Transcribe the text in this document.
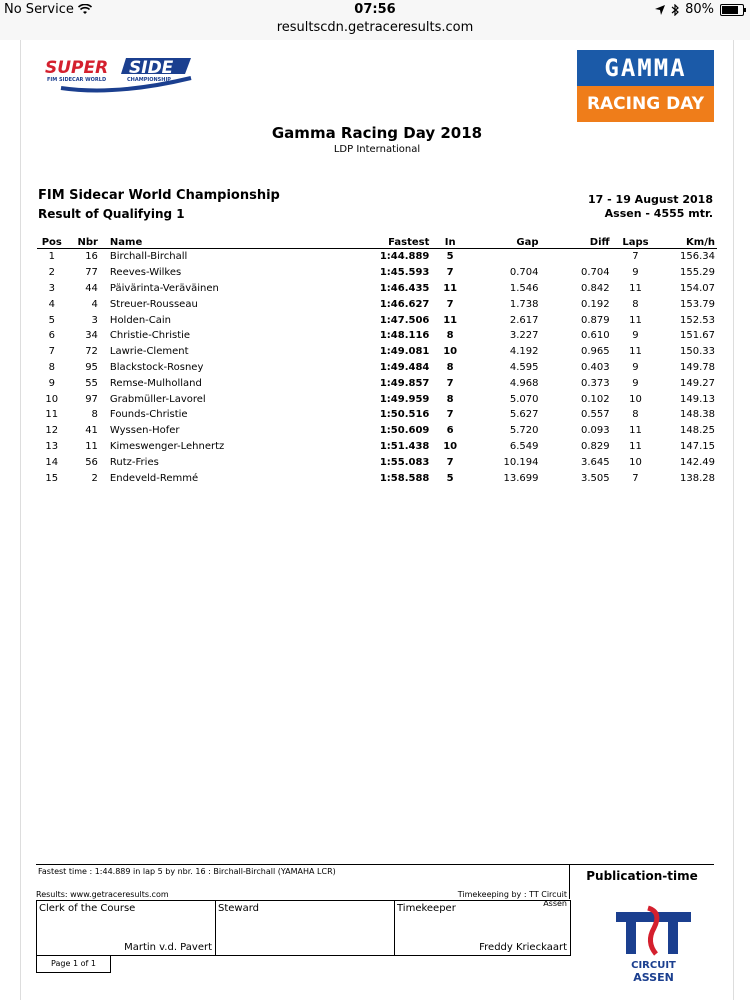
No Service	07:56	80%
resultscdn.getraceresults.com
SUPER SIDE
FIM SIDECAR WORLD	CHAMPIONSHIP	GAMMA
RACING DAY
Gamma Racing Day 2018
LDP International
FIM Sidecar World Championship
Result of Qualifying 1
17 - 19 August 2018
Assen - 4555 mtr.
Pos	Nbr	Name	Fastest	In	Gap	Diff	Laps	Km/h
1	16	Birchall-Birchall	1:44.889	5			7	156.34
2	77	Reeves-Wilkes	1:45.593	7	0.704	0.704	9	155.29
3	44	Päivärinta-Veräväinen	1:46.435	11	1.546	0.842	11	154.07
4	4	Streuer-Rousseau	1:46.627	7	1.738	0.192	8	153.79
5	3	Holden-Cain	1:47.506	11	2.617	0.879	11	152.53
6	34	Christie-Christie	1:48.116	8	3.227	0.610	9	151.67
7	72	Lawrie-Clement	1:49.081	10	4.192	0.965	11	150.33
8	95	Blackstock-Rosney	1:49.484	8	4.595	0.403	9	149.78
9	55	Remse-Mulholland	1:49.857	7	4.968	0.373	9	149.27
10	97	Grabmüller-Lavorel	1:49.959	8	5.070	0.102	10	149.13
11	8	Founds-Christie	1:50.516	7	5.627	0.557	8	148.38
12	41	Wyssen-Hofer	1:50.609	6	5.720	0.093	11	148.25
13	11	Kimeswenger-Lehnertz	1:51.438	10	6.549	0.829	11	147.15
14	56	Rutz-Fries	1:55.083	7	10.194	3.645	10	142.49
15	2	Endeveld-Remmé	1:58.588	5	13.699	3.505	7	138.28
Fastest time : 1:44.889 in lap 5 by nbr. 16 : Birchall-Birchall (YAMAHA LCR)	Publication-time
Results: www.getraceresults.com	Timekeeping by : TT Circuit Assen
Clerk of the Course
Martin v.d. Pavert
Steward	Timekeeper
Freddy Krieckaart
Page 1 of 1	CIRCUIT
ASSEN
